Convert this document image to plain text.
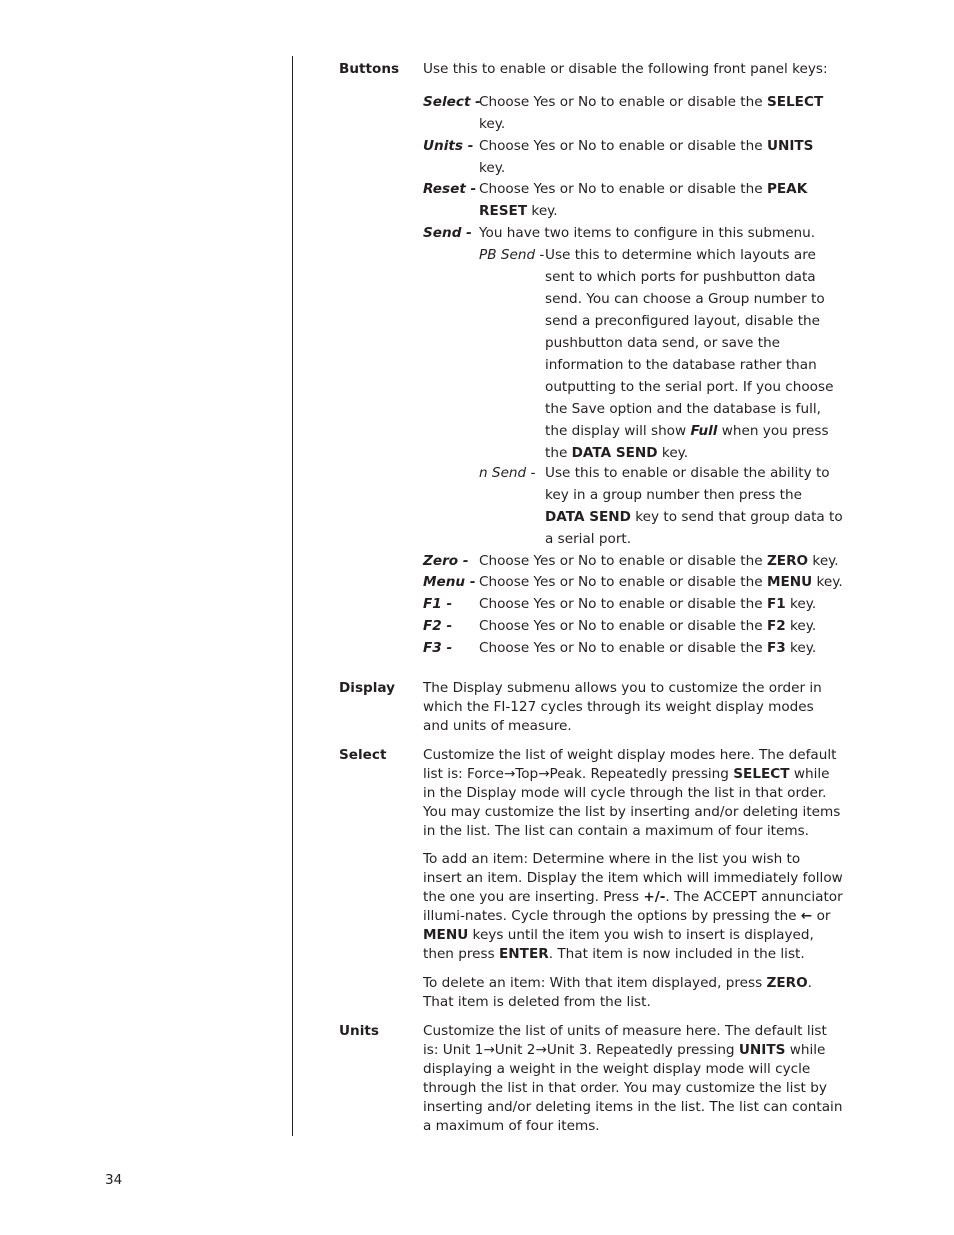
Buttons Use this to enable or disable the following front panel keys:
Select -
Choose Yes or No to enable or disable the SELECT
key.
Units - Choose Yes or No to enable or disable the UNITS
key.
Reset - Choose Yes or No to enable or disable the PEAK
RESET key.
Send - You have two items to configure in this submenu.
PB Send - Use this to determine which layouts are sent to which ports for pushbutton data send. You can choose a Group number to send a preconfigured layout, disable the pushbutton data send, or save the information to the database rather than outputting to the serial port. If you choose the Save option and the database is full, the display will show Full when you press the DATA SEND key.
n Send - Use this to enable or disable the ability to key in a group number then press the DATA SEND key to send that group data to a serial port.
Zero - Choose Yes or No to enable or disable the ZERO key.
Menu - Choose Yes or No to enable or disable the MENU key.
F1 - Choose Yes or No to enable or disable the F1 key.
F2 - Choose Yes or No to enable or disable the F2 key.
F3 - Choose Yes or No to enable or disable the F3 key.
Display The Display submenu allows you to customize the order in which the FI-127 cycles through its weight display modes and units of measure.
Select	Customize the list of weight display modes here. The default list is: Force→Top→Peak. Repeatedly pressing SELECT while in the Display mode will cycle through the list in that order. You may customize the list by inserting and/or deleting items in the list. The list can contain a maximum of four items.
To add an item: Determine where in the list you wish to insert an item. Display the item which will immediately follow the one you are inserting. Press +/-. The ACCEPT annunciator illumi-nates. Cycle through the options by pressing the ← or MENU keys until the item you wish to insert is displayed, then press ENTER. That item is now included in the list.
To delete an item: With that item displayed, press ZERO. That item is deleted from the list.
Units	Customize the list of units of measure here. The default list is: Unit 1→Unit 2→Unit 3. Repeatedly pressing UNITS while displaying a weight in the weight display mode will cycle through the list in that order. You may customize the list by inserting and/or deleting items in the list. The list can contain a maximum of four items.
34
